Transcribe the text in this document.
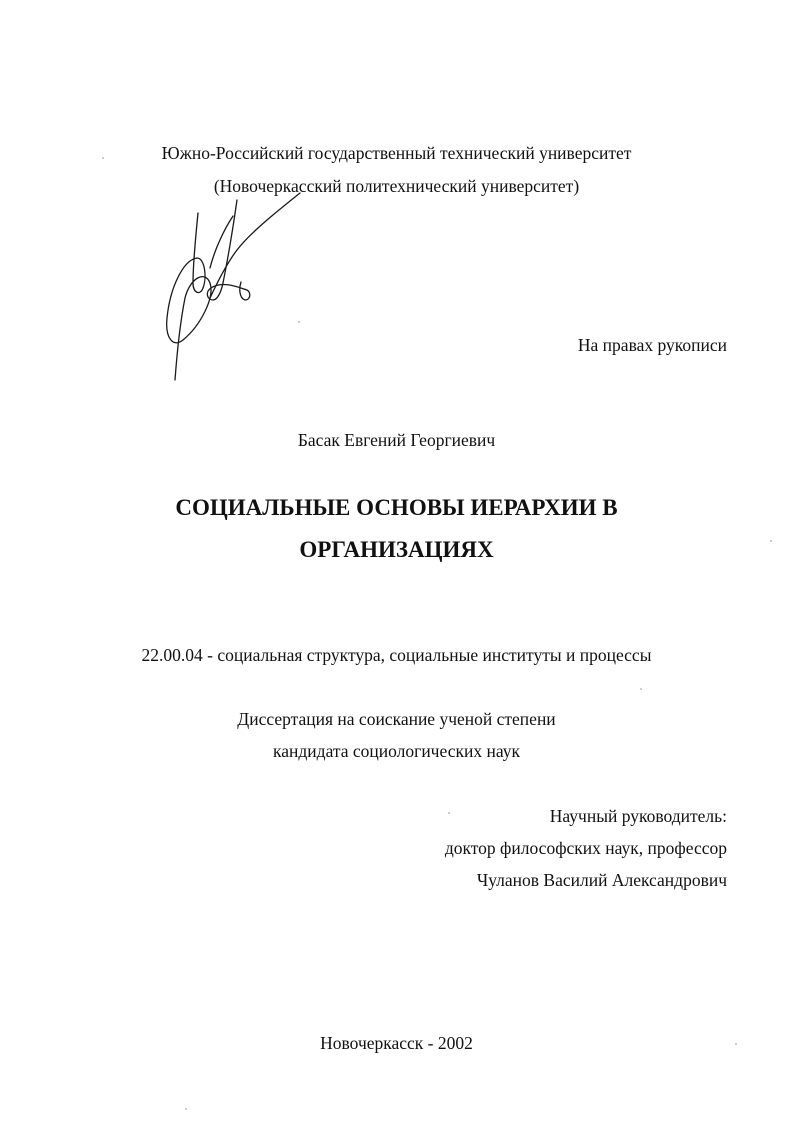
Южно-Российский государственный технический университет
(Новочеркасский политехнический университет)
На правах рукописи
Басак Евгений Георгиевич
СОЦИАЛЬНЫЕ ОСНОВЫ ИЕРАРХИИ В
ОРГАНИЗАЦИЯХ
22.00.04 - социальная структура, социальные институты и процессы
Диссертация на соискание ученой степени
кандидата социологических наук
Научный руководитель:
доктор философских наук, профессор
Чуланов Василий Александрович
Новочеркасск - 2002
